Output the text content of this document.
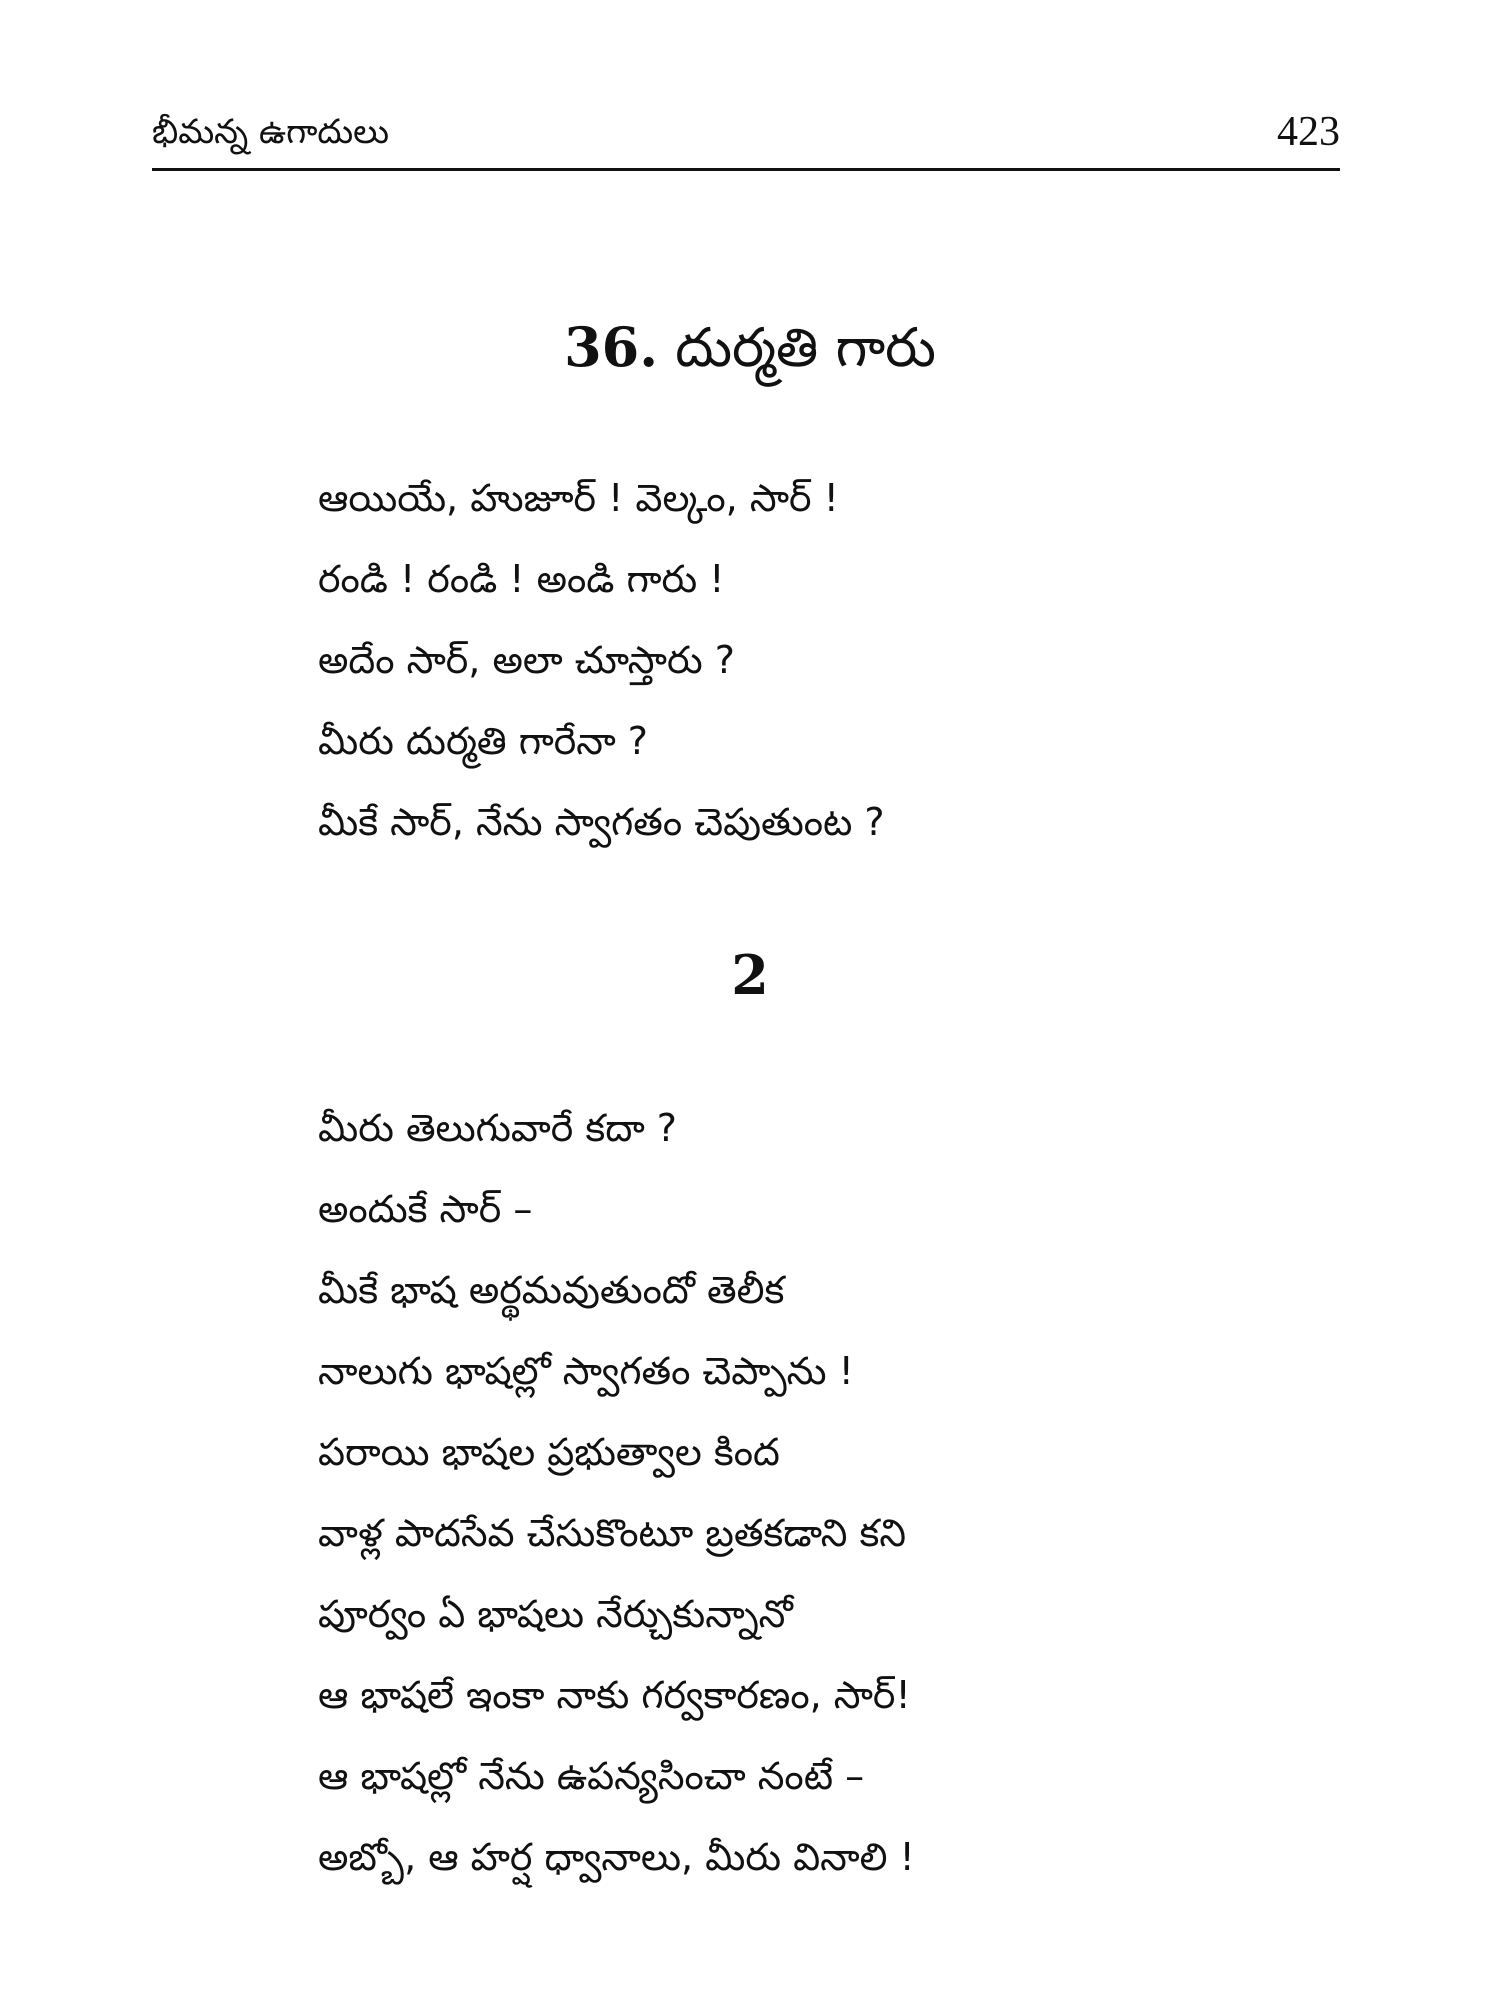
భీమన్న ఉగాదులు	423
36. దుర్మతి గారు
ఆయియే, హుజూర్ ! వెల్కం, సార్ !
రండి ! రండి ! అండి గారు !
అదేం సార్, అలా చూస్తారు ?
మీరు దుర్మతి గారేనా ?
మీకే సార్, నేను స్వాగతం చెపుతుంట ?
2
మీరు తెలుగువారే కదా ?
అందుకే సార్ –
మీకే భాష అర్థమవుతుందో తెలీక
నాలుగు భాషల్లో స్వాగతం చెప్పాను !
పరాయి భాషల ప్రభుత్వాల కింద
వాళ్ల పాదసేవ చేసుకొంటూ బ్రతకడాని కని
పూర్వం ఏ భాషలు నేర్చుకున్నానో
ఆ భాషలే ఇంకా నాకు గర్వకారణం, సార్!
ఆ భాషల్లో నేను ఉపన్యసించా నంటే –
అబ్బో, ఆ హర్ష ధ్వానాలు, మీరు వినాలి !
